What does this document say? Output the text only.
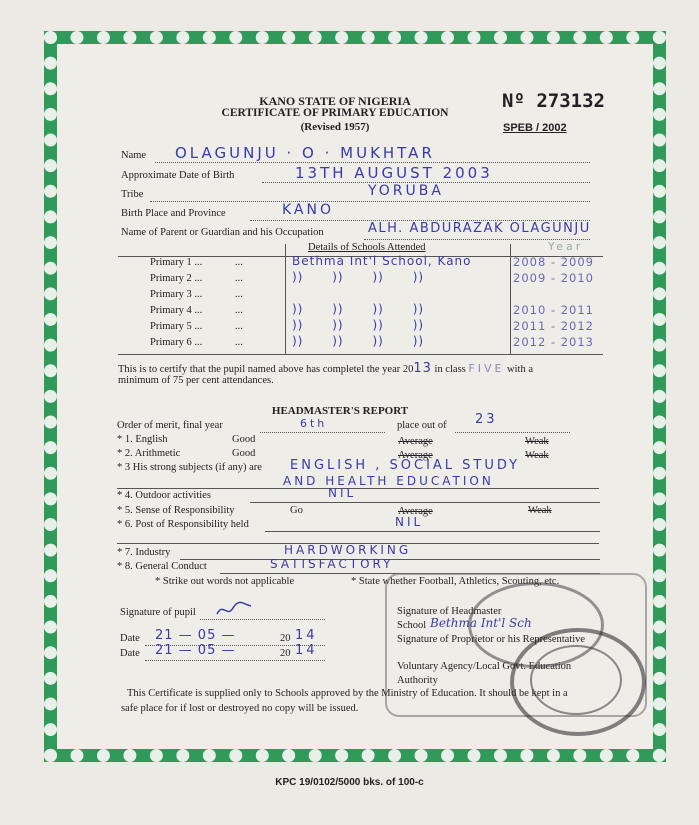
KANO STATE OF NIGERIA
CERTIFICATE OF PRIMARY EDUCATION
(Revised 1957)
Nº 273132
SPEB / 2002
Name OLAGUNJU · O · MUKHTAR
Approximate Date of Birth	13TH AUGUST 2003
Tribe	YORUBA
Birth Place and Province	KANO
Name of Parent or Guardian and his Occupation	ALH. ABDURAZAK OLAGUNJU
Details of Schools Attended	Year
Primary 1 ...	...	Bethma Int'l School, Kano	2008 - 2009
Primary 2 ...	...	))      ))      ))      ))	2009 - 2010
Primary 3 ...	...
Primary 4 ...	...	))      ))      ))      ))	2010 - 2011
Primary 5 ...	...	))      ))      ))      ))	2011 - 2012
Primary 6 ...	...	))      ))      ))      ))	2012 - 2013
This is to certify that the pupil named above has completel the year 2013 in class FIVE with a
minimum of 75 per cent attendances.
HEADMASTER'S REPORT
Order of merit, final year	6th	place out of 23
* 1. English	Good	Average	Weak
* 2. Arithmetic	Good	Average	Weak
* 3 His strong subjects (if any) are ENGLISH , SOCIAL STUDY
AND HEALTH EDUCATION
* 4. Outdoor activities	NIL
* 5. Sense of Responsibility	Go	Average	Weak
* 6. Post of Responsibility held	NIL
* 7. Industry	HARDWORKING
* 8. General Conduct	SATISFACTORY
* Strike out words not applicable	* State whether Football, Athletics, Scouting, etc.
Signature of pupil
Date 21 — 05 —	20 14
Date 21 — 05 —	20 14
Signature of Headmaster
School Bethma Int'l Sch
Signature of Proprietor or his Representative
Voluntary Agency/Local Govt. Education
Authority
This Certificate is supplied only to Schools approved by the Ministry of Education. It should be kept in a
safe place for if lost or destroyed no copy will be issued.
KPC 19/0102/5000 bks. of 100-c
